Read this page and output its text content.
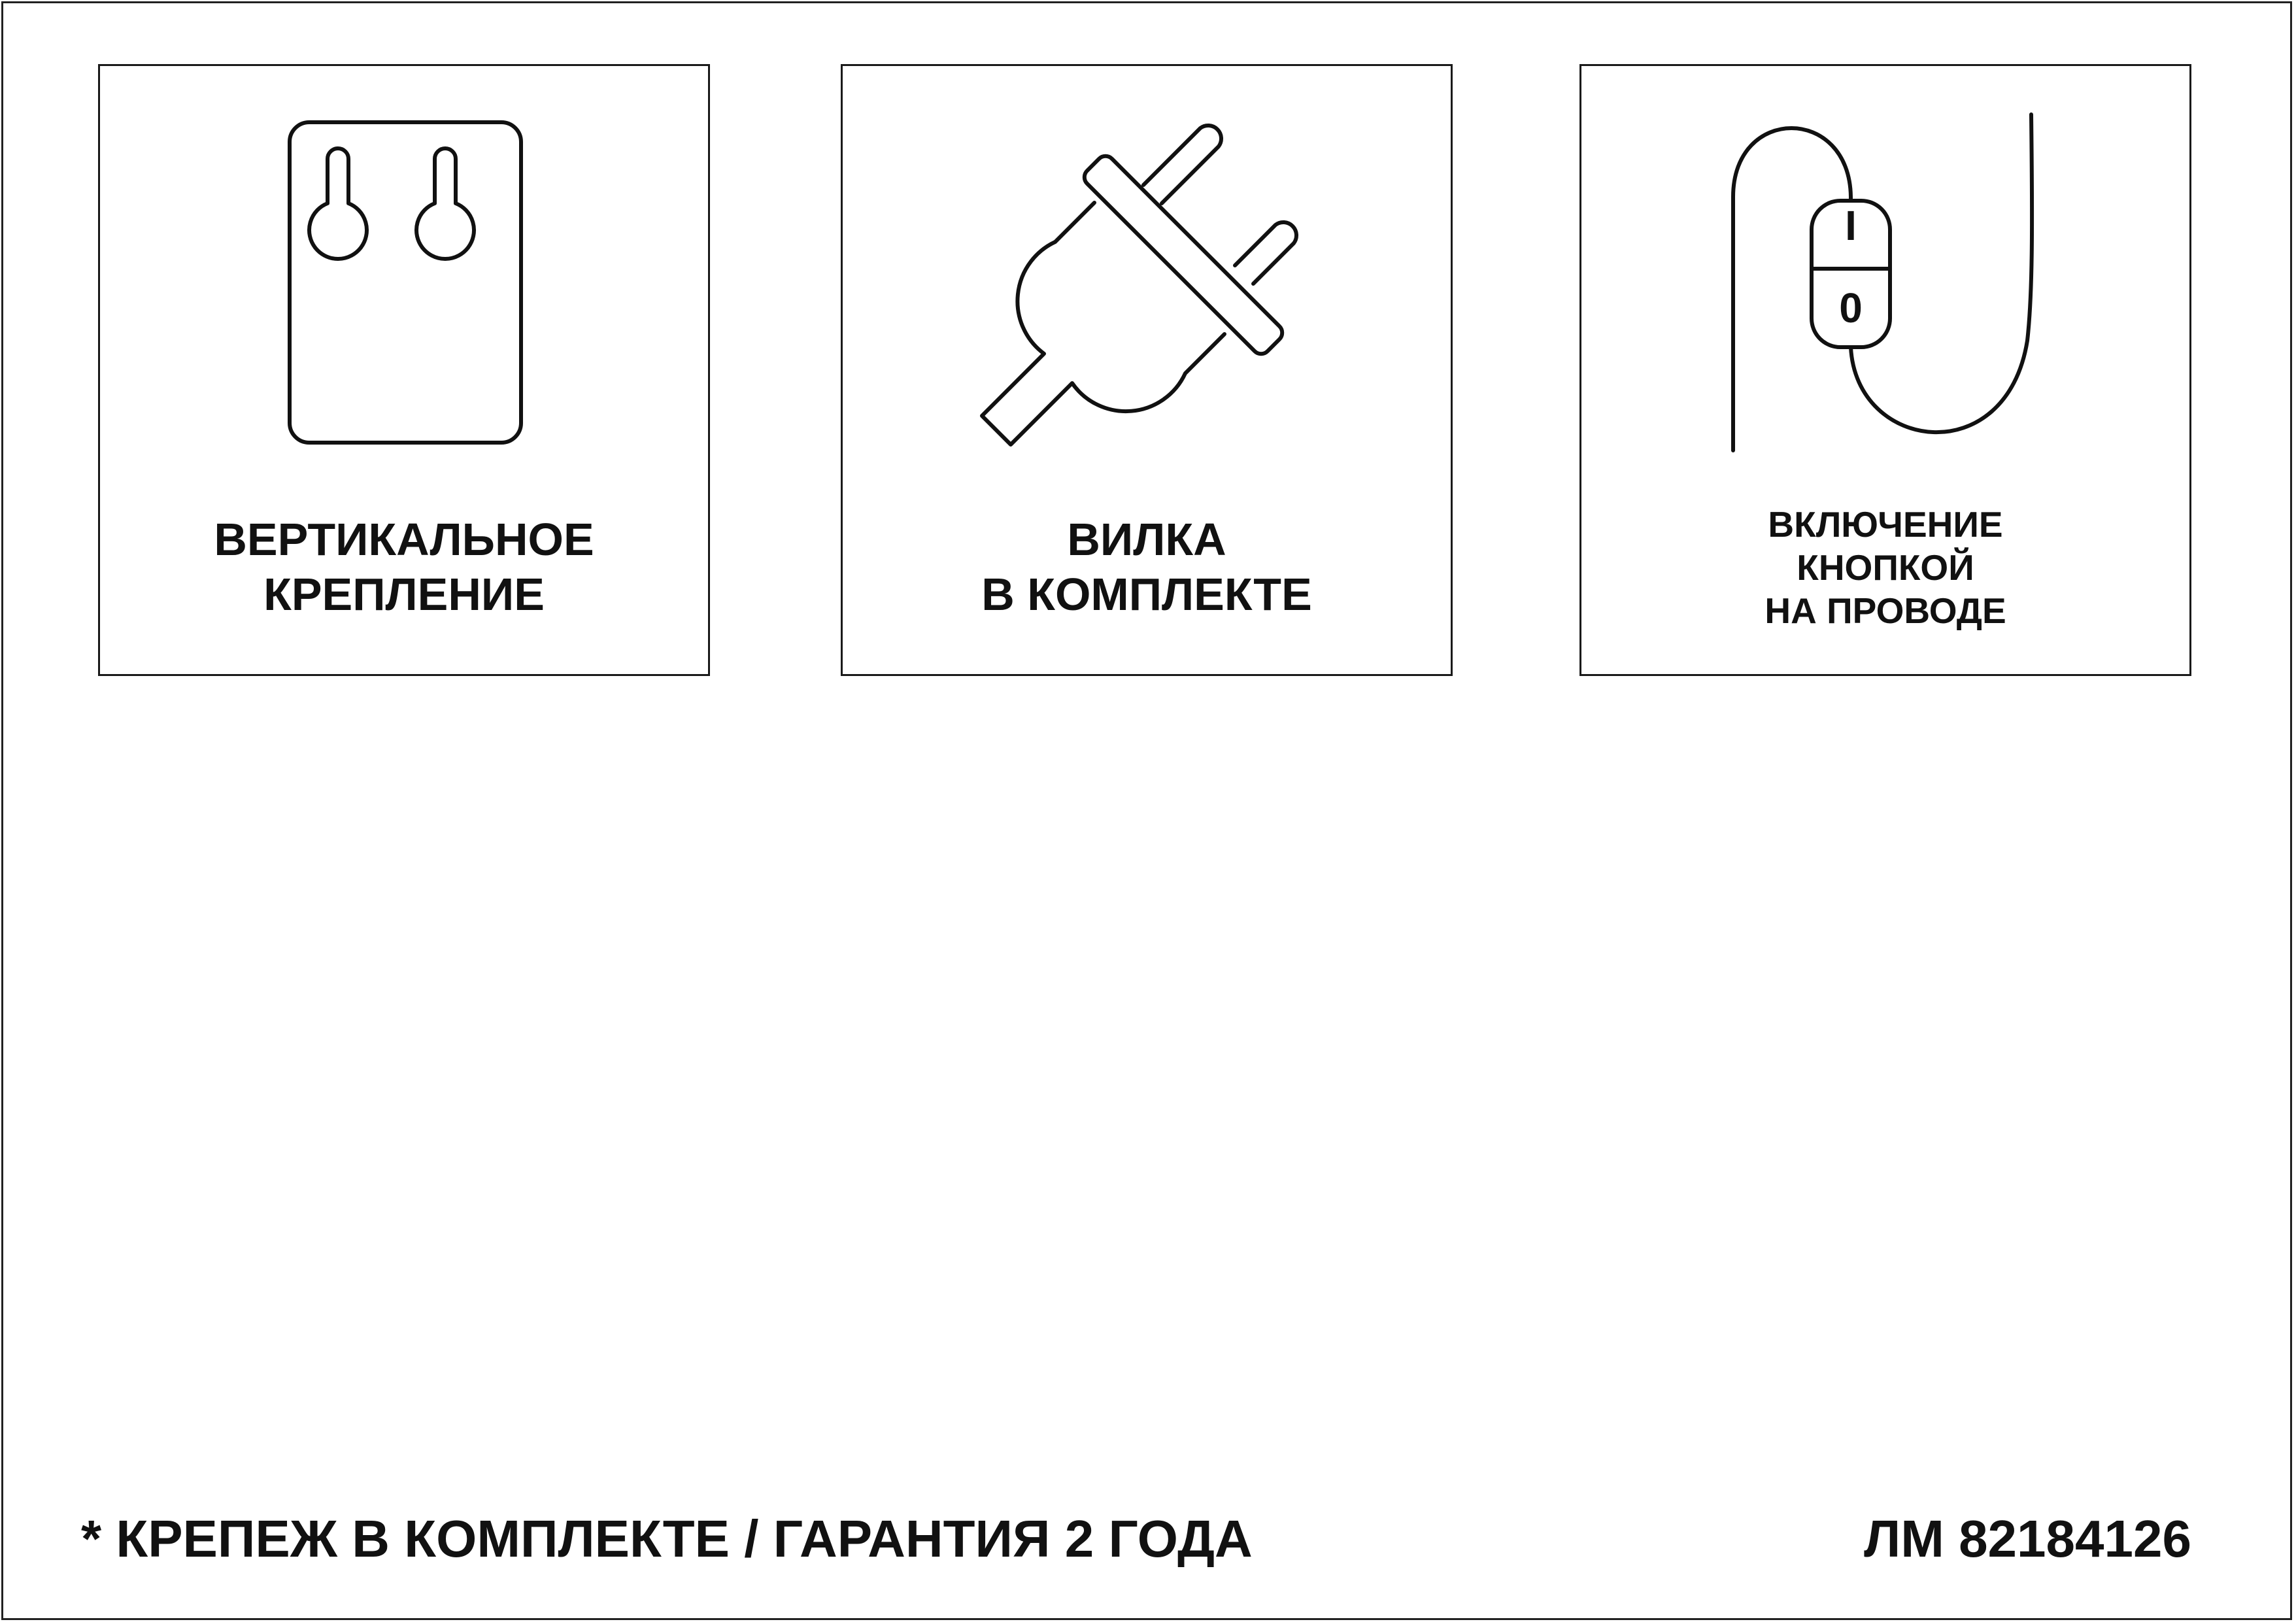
ВЕРТИКАЛЬНОЕ
КРЕПЛЕНИЕ
ВИЛКА
В КОМПЛЕКТЕ
I
0
ВКЛЮЧЕНИЕ
КНОПКОЙ
НА ПРОВОДЕ
* КРЕПЕЖ В КОМПЛЕКТЕ / ГАРАНТИЯ 2 ГОДА	ЛМ 82184126
